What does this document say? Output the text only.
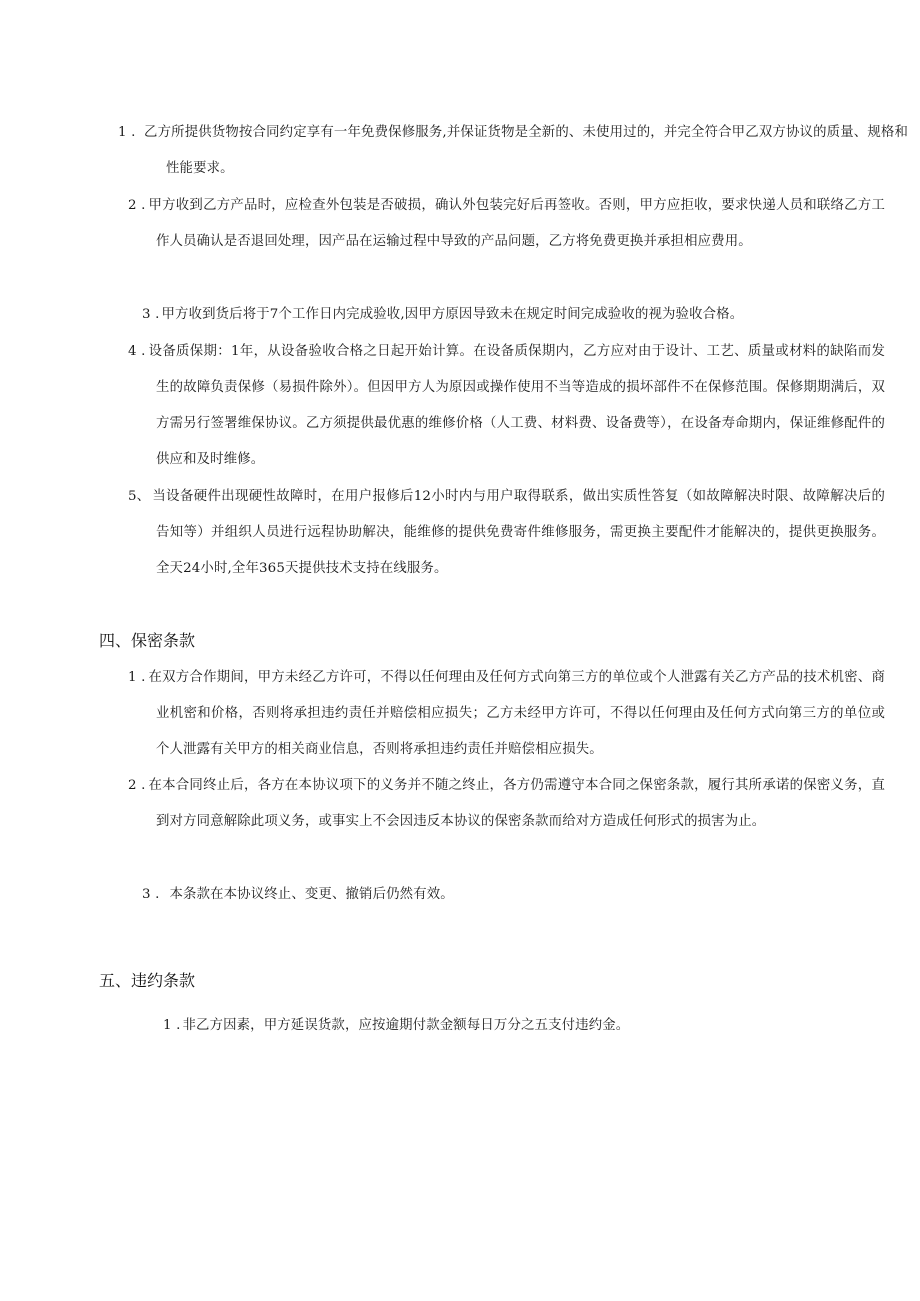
1 . 乙方所提供货物按合同约定享有一年免费保修服务,并保证货物是全新的、未使用过的，并完全符合甲乙双方协议的质量、规格和性能要求。
2 . 甲方收到乙方产品时，应检查外包装是否破损，确认外包装完好后再签收。否则，甲方应拒收，要求快递人员和联络乙方工作人员确认是否退回处理，因产品在运输过程中导致的产品问题，乙方将免费更换并承担相应费用。
3 . 甲方收到货后将于7个工作日内完成验收,因甲方原因导致未在规定时间完成验收的视为验收合格。
4 . 设备质保期：1年，从设备验收合格之日起开始计算。在设备质保期内，乙方应对由于设计、工艺、质量或材料的缺陷而发生的故障负责保修（易损件除外）。但因甲方人为原因或操作使用不当等造成的损坏部件不在保修范围。保修期期满后，双方需另行签署维保协议。乙方须提供最优惠的维修价格（人工费、材料费、设备费等），在设备寿命期内，保证维修配件的供应和及时维修。
5、 当设备硬件出现硬性故障时，在用户报修后12小时内与用户取得联系，做出实质性答复（如故障解决时限、故障解决后的告知等）并组织人员进行远程协助解决，能维修的提供免费寄件维修服务，需更换主要配件才能解决的，提供更换服务。全天24小时,全年365天提供技术支持在线服务。
四、保密条款
1 . 在双方合作期间，甲方未经乙方许可，不得以任何理由及任何方式向第三方的单位或个人泄露有关乙方产品的技术机密、商业机密和价格，否则将承担违约责任并赔偿相应损失；乙方未经甲方许可，不得以任何理由及任何方式向第三方的单位或个人泄露有关甲方的相关商业信息，否则将承担违约责任并赔偿相应损失。
2 . 在本合同终止后，各方在本协议项下的义务并不随之终止，各方仍需遵守本合同之保密条款，履行其所承诺的保密义务，直到对方同意解除此项义务，或事实上不会因违反本协议的保密条款而给对方造成任何形式的损害为止。
3 . 本条款在本协议终止、变更、撤销后仍然有效。
五、违约条款
1 . 非乙方因素，甲方延误货款，应按逾期付款金额每日万分之五支付违约金。
